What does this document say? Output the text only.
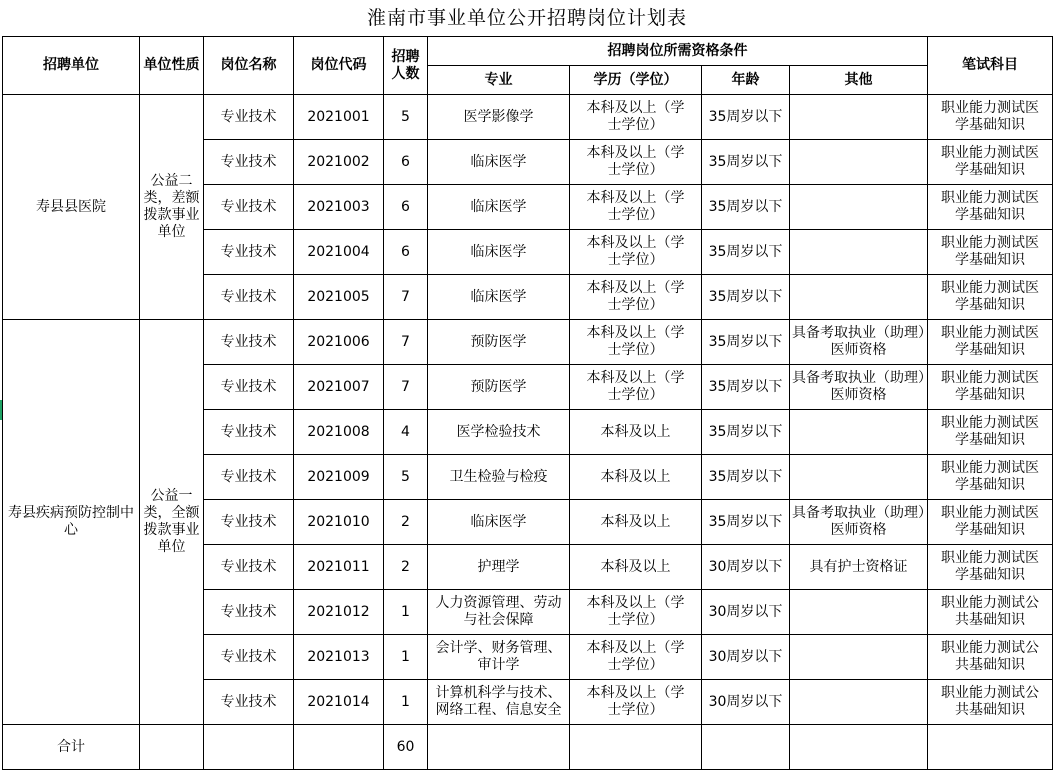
淮南市事业单位公开招聘岗位计划表
招聘单位	单位性质	岗位名称	岗位代码	招聘人数	招聘岗位所需资格条件				笔试科目
					专业	学历（学位）	年龄	其他	
寿县县医院	公益二类，差额拨款事业单位	专业技术	2021001	5	医学影像学	本科及以上（学士学位）	35周岁以下		职业能力测试医学基础知识
		专业技术	2021002	6	临床医学	本科及以上（学士学位）	35周岁以下		职业能力测试医学基础知识
		专业技术	2021003	6	临床医学	本科及以上（学士学位）	35周岁以下		职业能力测试医学基础知识
		专业技术	2021004	6	临床医学	本科及以上（学士学位）	35周岁以下		职业能力测试医学基础知识
		专业技术	2021005	7	临床医学	本科及以上（学士学位）	35周岁以下		职业能力测试医学基础知识
寿县疾病预防控制中心	公益一类，全额拨款事业单位	专业技术	2021006	7	预防医学	本科及以上（学士学位）	35周岁以下	具备考取执业（助理）医师资格	职业能力测试医学基础知识
		专业技术	2021007	7	预防医学	本科及以上（学士学位）	35周岁以下	具备考取执业（助理）医师资格	职业能力测试医学基础知识
		专业技术	2021008	4	医学检验技术	本科及以上	35周岁以下		职业能力测试医学基础知识
		专业技术	2021009	5	卫生检验与检疫	本科及以上	35周岁以下		职业能力测试医学基础知识
		专业技术	2021010	2	临床医学	本科及以上	35周岁以下	具备考取执业（助理）医师资格	职业能力测试医学基础知识
		专业技术	2021011	2	护理学	本科及以上	30周岁以下	具有护士资格证	职业能力测试医学基础知识
		专业技术	2021012	1	人力资源管理、劳动与社会保障	本科及以上（学士学位）	30周岁以下		职业能力测试公共基础知识
		专业技术	2021013	1	会计学、财务管理、审计学	本科及以上（学士学位）	30周岁以下		职业能力测试公共基础知识
		专业技术	2021014	1	计算机科学与技术、网络工程、信息安全	本科及以上（学士学位）	30周岁以下		职业能力测试公共基础知识
合计				60					
